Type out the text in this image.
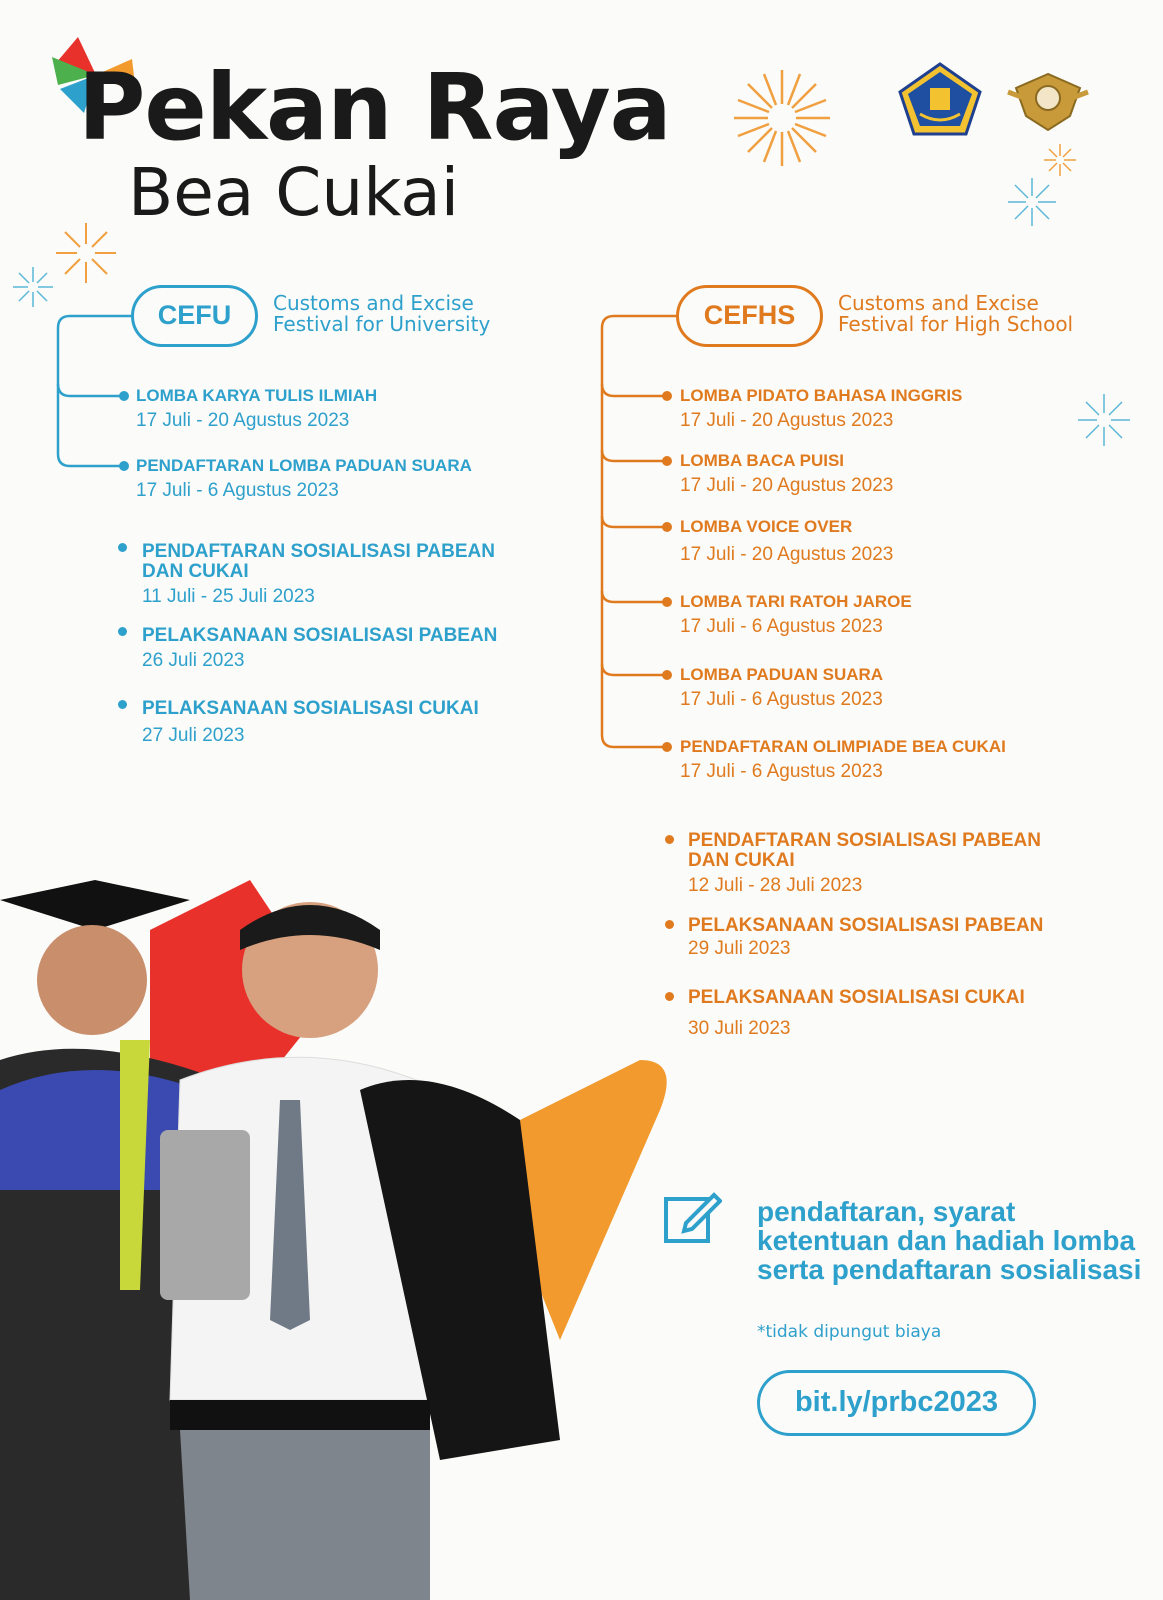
Pekan Raya
Bea Cukai
CEFU	Customs and Excise
Festival for University
LOMBA KARYA TULIS ILMIAH
17 Juli - 20 Agustus 2023
PENDAFTARAN LOMBA PADUAN SUARA
17 Juli - 6 Agustus 2023
PENDAFTARAN SOSIALISASI PABEAN DAN CUKAI
11 Juli - 25 Juli 2023
PELAKSANAAN SOSIALISASI PABEAN
26 Juli 2023
PELAKSANAAN SOSIALISASI CUKAI
27 Juli 2023
CEFHS	Customs and Excise
Festival for High School
LOMBA PIDATO BAHASA INGGRIS
17 Juli - 20 Agustus 2023
LOMBA BACA PUISI
17 Juli - 20 Agustus 2023
LOMBA VOICE OVER
17 Juli - 20 Agustus 2023
LOMBA TARI RATOH JAROE
17 Juli - 6 Agustus 2023
LOMBA PADUAN SUARA
17 Juli - 6 Agustus 2023
PENDAFTARAN OLIMPIADE BEA CUKAI
17 Juli - 6 Agustus 2023
PENDAFTARAN SOSIALISASI PABEAN DAN CUKAI
12 Juli - 28 Juli 2023
PELAKSANAAN SOSIALISASI PABEAN
29 Juli 2023
PELAKSANAAN SOSIALISASI CUKAI
30 Juli 2023
pendaftaran, syarat ketentuan dan hadiah lomba serta pendaftaran sosialisasi
*tidak dipungut biaya
bit.ly/prbc2023
